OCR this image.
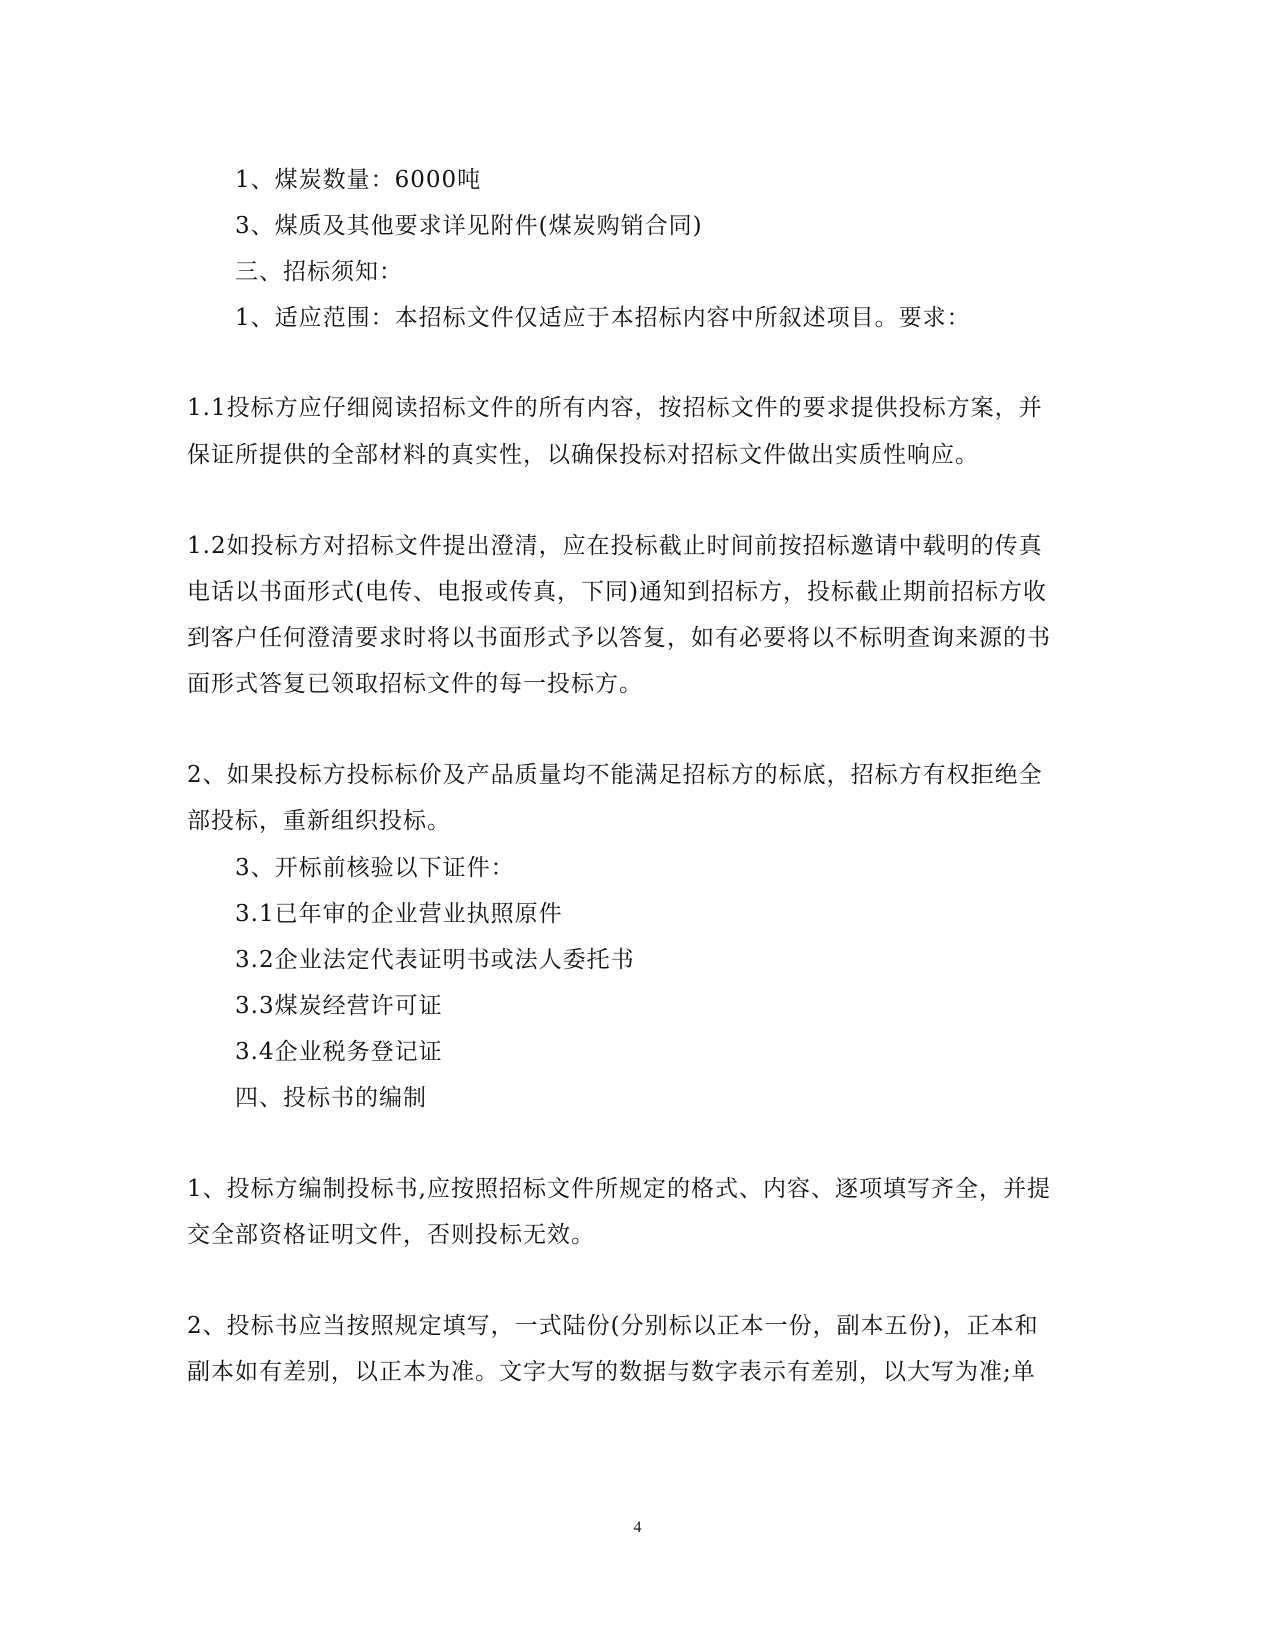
1、煤炭数量：6000吨
3、煤质及其他要求详见附件(煤炭购销合同)
三、招标须知：
1、适应范围：本招标文件仅适应于本招标内容中所叙述项目。要求：
1.1投标方应仔细阅读招标文件的所有内容，按招标文件的要求提供投标方案，并
保证所提供的全部材料的真实性，以确保投标对招标文件做出实质性响应。
1.2如投标方对招标文件提出澄清，应在投标截止时间前按招标邀请中载明的传真
电话以书面形式(电传、电报或传真，下同)通知到招标方，投标截止期前招标方收
到客户任何澄清要求时将以书面形式予以答复，如有必要将以不标明查询来源的书
面形式答复已领取招标文件的每一投标方。
2、如果投标方投标标价及产品质量均不能满足招标方的标底，招标方有权拒绝全
部投标，重新组织投标。
3、开标前核验以下证件：
3.1已年审的企业营业执照原件
3.2企业法定代表证明书或法人委托书
3.3煤炭经营许可证
3.4企业税务登记证
四、投标书的编制
1、投标方编制投标书,应按照招标文件所规定的格式、内容、逐项填写齐全，并提
交全部资格证明文件，否则投标无效。
2、投标书应当按照规定填写，一式陆份(分别标以正本一份，副本五份)，正本和
副本如有差别，以正本为准。文字大写的数据与数字表示有差别，以大写为准;单
4
